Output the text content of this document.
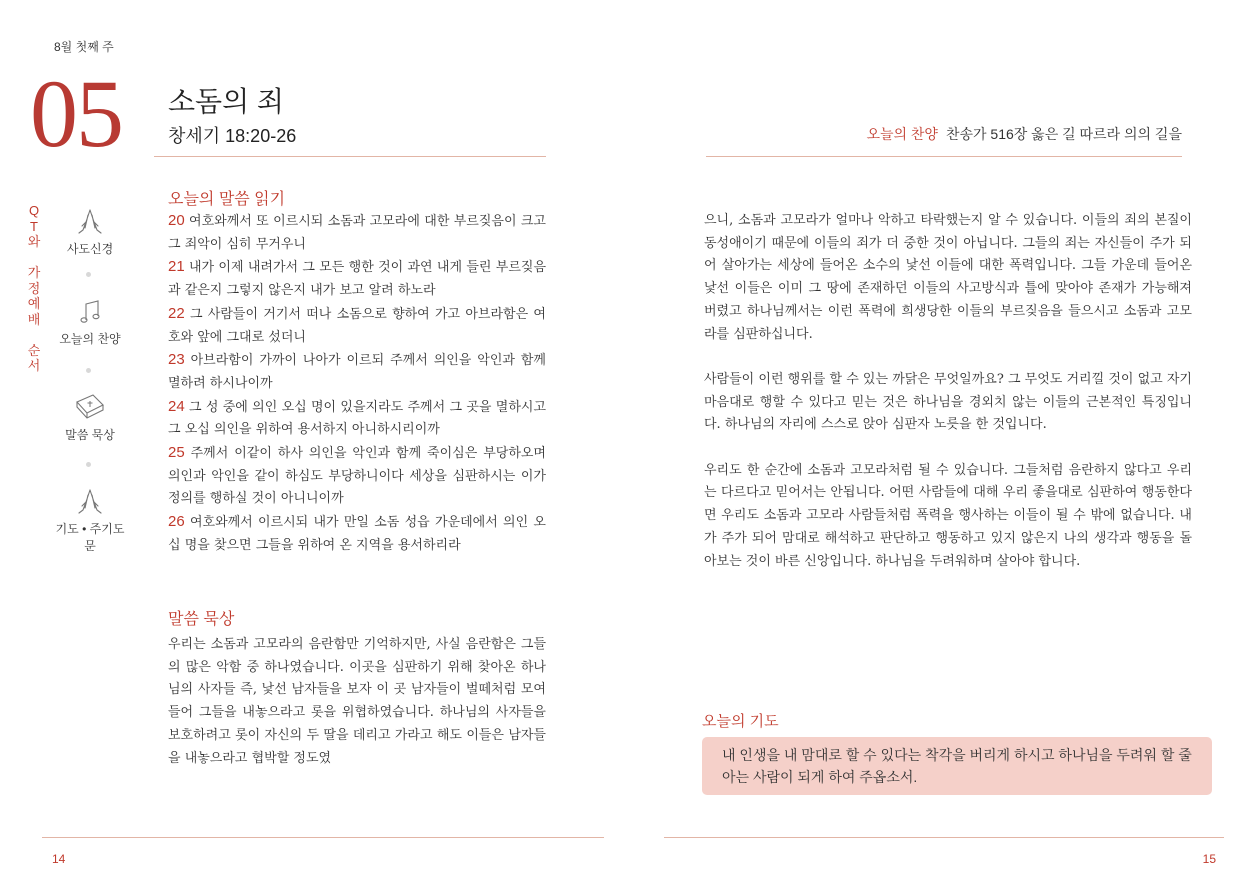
8월 첫째 주
05 소돔의 죄
창세기 18:20-26	오늘의 찬양 찬송가 516장 옳은 길 따르라 의의 길을
Q
T
와
가
정
예
배
순
서
사도신경
오늘의 찬양
말씀 묵상
기도 • 주기도문
오늘의 말씀 읽기
20 여호와께서 또 이르시되 소돔과 고모라에 대한 부르짖음이 크고 그 죄악이 심히 무거우니
21 내가 이제 내려가서 그 모든 행한 것이 과연 내게 들린 부르짖음과 같은지 그렇지 않은지 내가 보고 알려 하노라
22 그 사람들이 거기서 떠나 소돔으로 향하여 가고 아브라함은 여호와 앞에 그대로 섰더니
23 아브라함이 가까이 나아가 이르되 주께서 의인을 악인과 함께 멸하려 하시나이까
24 그 성 중에 의인 오십 명이 있을지라도 주께서 그 곳을 멸하시고 그 오십 의인을 위하여 용서하지 아니하시리이까
25 주께서 이같이 하사 의인을 악인과 함께 죽이심은 부당하오며 의인과 악인을 같이 하심도 부당하니이다 세상을 심판하시는 이가 정의를 행하실 것이 아니니이까
26 여호와께서 이르시되 내가 만일 소돔 성읍 가운데에서 의인 오십 명을 찾으면 그들을 위하여 온 지역을 용서하리라
말씀 묵상
우리는 소돔과 고모라의 음란함만 기억하지만, 사실 음란함은 그들의 많은 악함 중 하나였습니다. 이곳을 심판하기 위해 찾아온 하나님의 사자들 즉, 낯선 남자들을 보자 이 곳 남자들이 벌떼처럼 모여들어 그들을 내놓으라고 롯을 위협하였습니다. 하나님의 사자들을 보호하려고 롯이 자신의 두 딸을 데리고 가라고 해도 이들은 남자들을 내놓으라고 협박할 정도였

으니, 소돔과 고모라가 얼마나 악하고 타락했는지 알 수 있습니다. 이들의 죄의 본질이 동성애이기 때문에 이들의 죄가 더 중한 것이 아닙니다. 그들의 죄는 자신들이 주가 되어 살아가는 세상에 들어온 소수의 낯선 이들에 대한 폭력입니다. 그들 가운데 들어온 낯선 이들은 이미 그 땅에 존재하던 이들의 사고방식과 틀에 맞아야 존재가 가능해져 버렸고 하나님께서는 이런 폭력에 희생당한 이들의 부르짖음을 들으시고 소돔과 고모라를 심판하십니다.

사람들이 이런 행위를 할 수 있는 까닭은 무엇일까요? 그 무엇도 거리낄 것이 없고 자기 마음대로 행할 수 있다고 믿는 것은 하나님을 경외치 않는 이들의 근본적인 특징입니다. 하나님의 자리에 스스로 앉아 심판자 노릇을 한 것입니다.

우리도 한 순간에 소돔과 고모라처럼 될 수 있습니다. 그들처럼 음란하지 않다고 우리는 다르다고 믿어서는 안됩니다. 어떤 사람들에 대해 우리 좋을대로 심판하여 행동한다면 우리도 소돔과 고모라 사람들처럼 폭력을 행사하는 이들이 될 수 밖에 없습니다. 내가 주가 되어 맘대로 해석하고 판단하고 행동하고 있지 않은지 나의 생각과 행동을 돌아보는 것이 바른 신앙입니다. 하나님을 두려워하며 살아야 합니다.

오늘의 기도
내 인생을 내 맘대로 할 수 있다는 착각을 버리게 하시고 하나님을 두려워 할 줄 아는 사람이 되게 하여 주옵소서.
14	15
